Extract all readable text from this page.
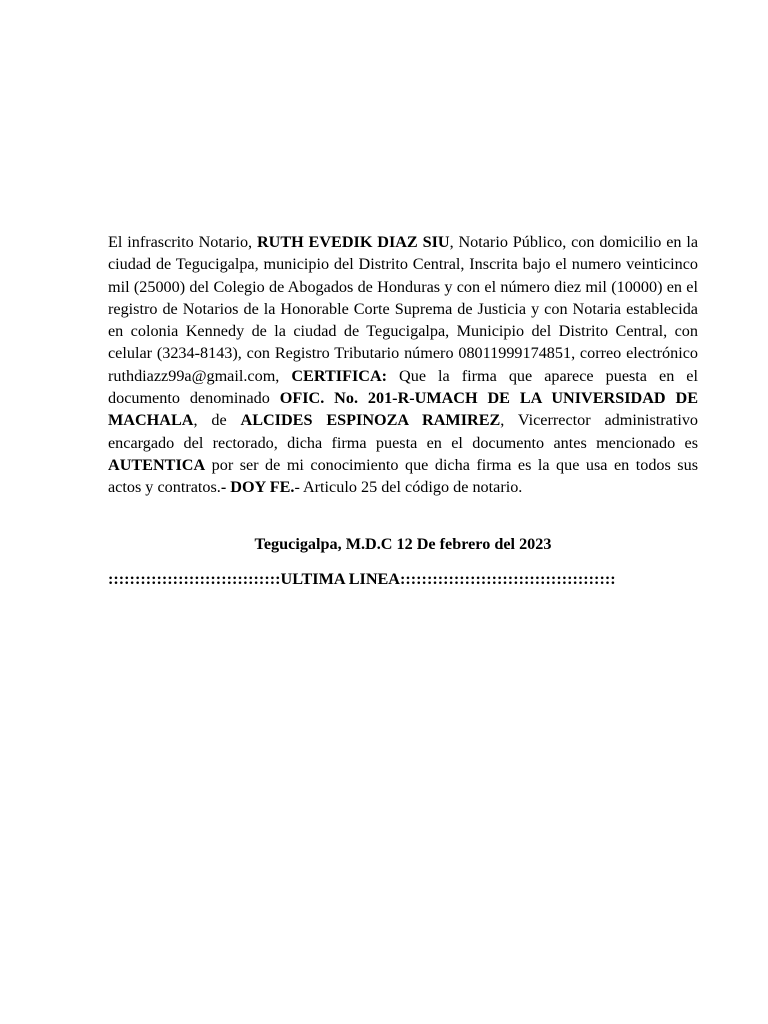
El infrascrito Notario, RUTH EVEDIK DIAZ SIU, Notario Público, con domicilio en la ciudad de Tegucigalpa, municipio del Distrito Central, Inscrita bajo el numero veinticinco mil (25000) del Colegio de Abogados de Honduras y con el número diez mil (10000) en el registro de Notarios de la Honorable Corte Suprema de Justicia y con Notaria establecida en colonia Kennedy de la ciudad de Tegucigalpa, Municipio del Distrito Central, con celular (3234-8143), con Registro Tributario número 08011999174851, correo electrónico ruthdiazz99a@gmail.com, CERTIFICA: Que la firma que aparece puesta en el documento denominado OFIC. No. 201-R-UMACH DE LA UNIVERSIDAD DE MACHALA, de ALCIDES ESPINOZA RAMIREZ, Vicerrector administrativo encargado del rectorado, dicha firma puesta en el documento antes mencionado es AUTENTICA por ser de mi conocimiento que dicha firma es la que usa en todos sus actos y contratos.- DOY FE.- Articulo 25 del código de notario.

Tegucigalpa, M.D.C 12 De febrero del 2023

::::::::::::::::::::::::::::::::ULTIMA LINEA::::::::::::::::::::::::::::::::::::::::
